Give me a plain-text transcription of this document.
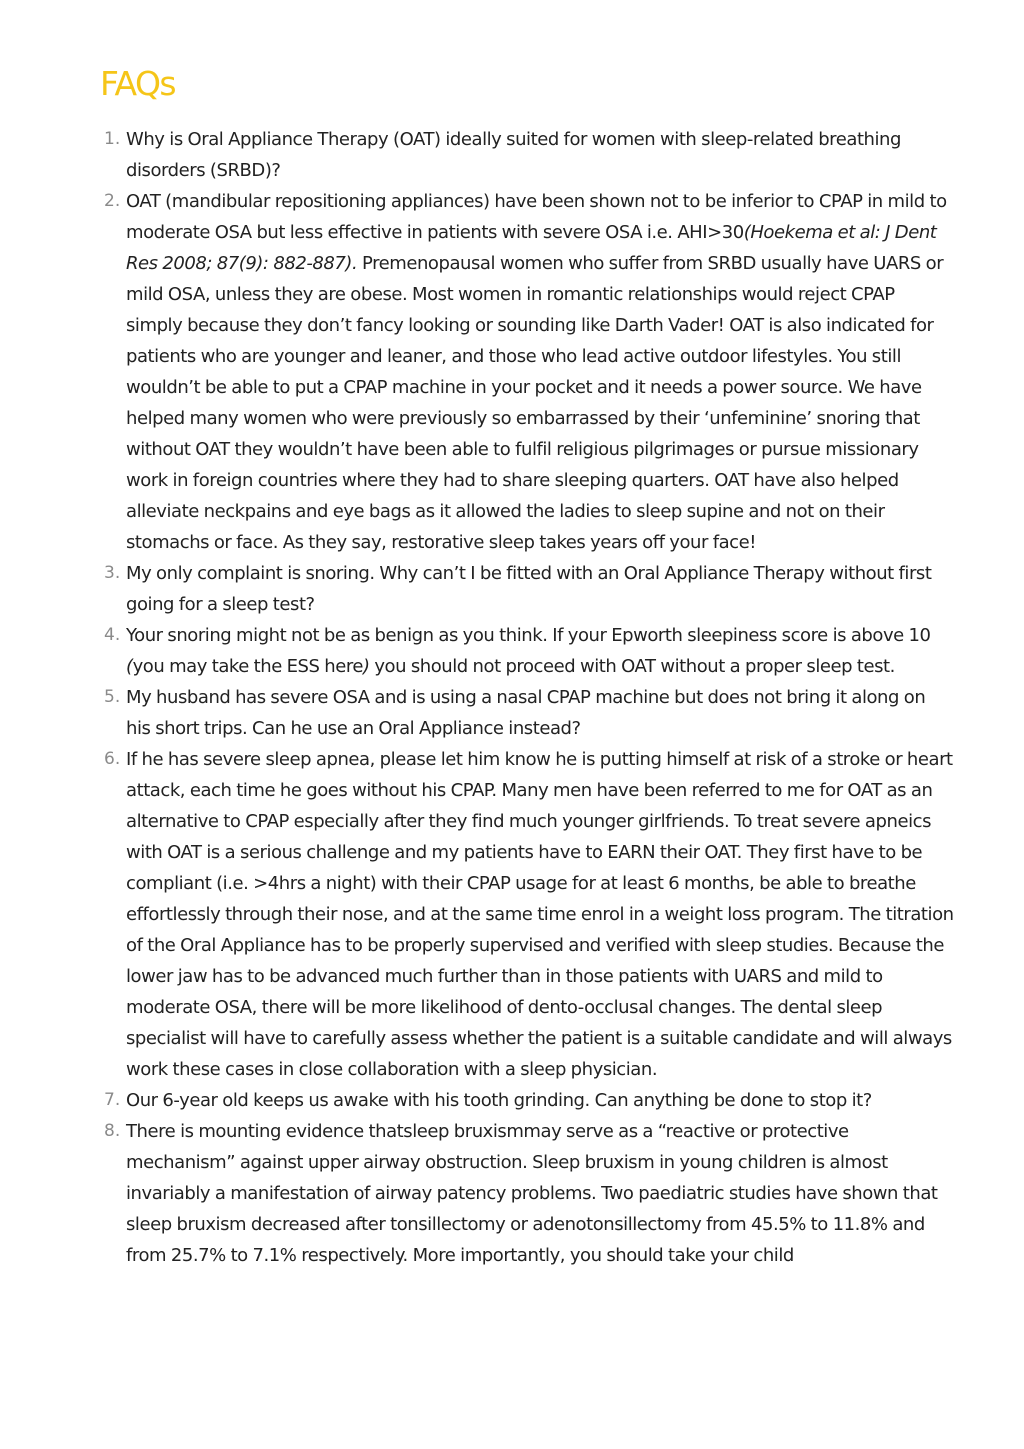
FAQs
1. Why is Oral Appliance Therapy (OAT) ideally suited for women with sleep-related breathing disorders (SRBD)?
2. OAT (mandibular repositioning appliances) have been shown not to be inferior to CPAP in mild to moderate OSA but less effective in patients with severe OSA i.e. AHI>30(Hoekema et al: J Dent Res 2008; 87(9): 882-887). Premenopausal women who suffer from SRBD usually have UARS or mild OSA, unless they are obese. Most women in romantic relationships would reject CPAP simply because they don’t fancy looking or sounding like Darth Vader! OAT is also indicated for patients who are younger and leaner, and those who lead active outdoor lifestyles. You still wouldn’t be able to put a CPAP machine in your pocket and it needs a power source. We have helped many women who were previously so embarrassed by their ‘unfeminine’ snoring that without OAT they wouldn’t have been able to fulfil religious pilgrimages or pursue missionary work in foreign countries where they had to share sleeping quarters. OAT have also helped alleviate neckpains and eye bags as it allowed the ladies to sleep supine and not on their stomachs or face. As they say, restorative sleep takes years off your face!
3. My only complaint is snoring. Why can’t I be fitted with an Oral Appliance Therapy without first going for a sleep test?
4. Your snoring might not be as benign as you think. If your Epworth sleepiness score is above 10 (you may take the ESS here) you should not proceed with OAT without a proper sleep test.
5. My husband has severe OSA and is using a nasal CPAP machine but does not bring it along on his short trips. Can he use an Oral Appliance instead?
6. If he has severe sleep apnea, please let him know he is putting himself at risk of a stroke or heart attack, each time he goes without his CPAP. Many men have been referred to me for OAT as an alternative to CPAP especially after they find much younger girlfriends. To treat severe apneics with OAT is a serious challenge and my patients have to EARN their OAT. They first have to be compliant (i.e. >4hrs a night) with their CPAP usage for at least 6 months, be able to breathe effortlessly through their nose, and at the same time enrol in a weight loss program. The titration of the Oral Appliance has to be properly supervised and verified with sleep studies. Because the lower jaw has to be advanced much further than in those patients with UARS and mild to moderate OSA, there will be more likelihood of dento-occlusal changes. The dental sleep specialist will have to carefully assess whether the patient is a suitable candidate and will always work these cases in close collaboration with a sleep physician.
7. Our 6-year old keeps us awake with his tooth grinding. Can anything be done to stop it?
8. There is mounting evidence thatsleep bruxismmay serve as a “reactive or protective mechanism” against upper airway obstruction. Sleep bruxism in young children is almost invariably a manifestation of airway patency problems. Two paediatric studies have shown that sleep bruxism decreased after tonsillectomy or adenotonsillectomy from 45.5% to 11.8% and from 25.7% to 7.1% respectively. More importantly, you should take your child
